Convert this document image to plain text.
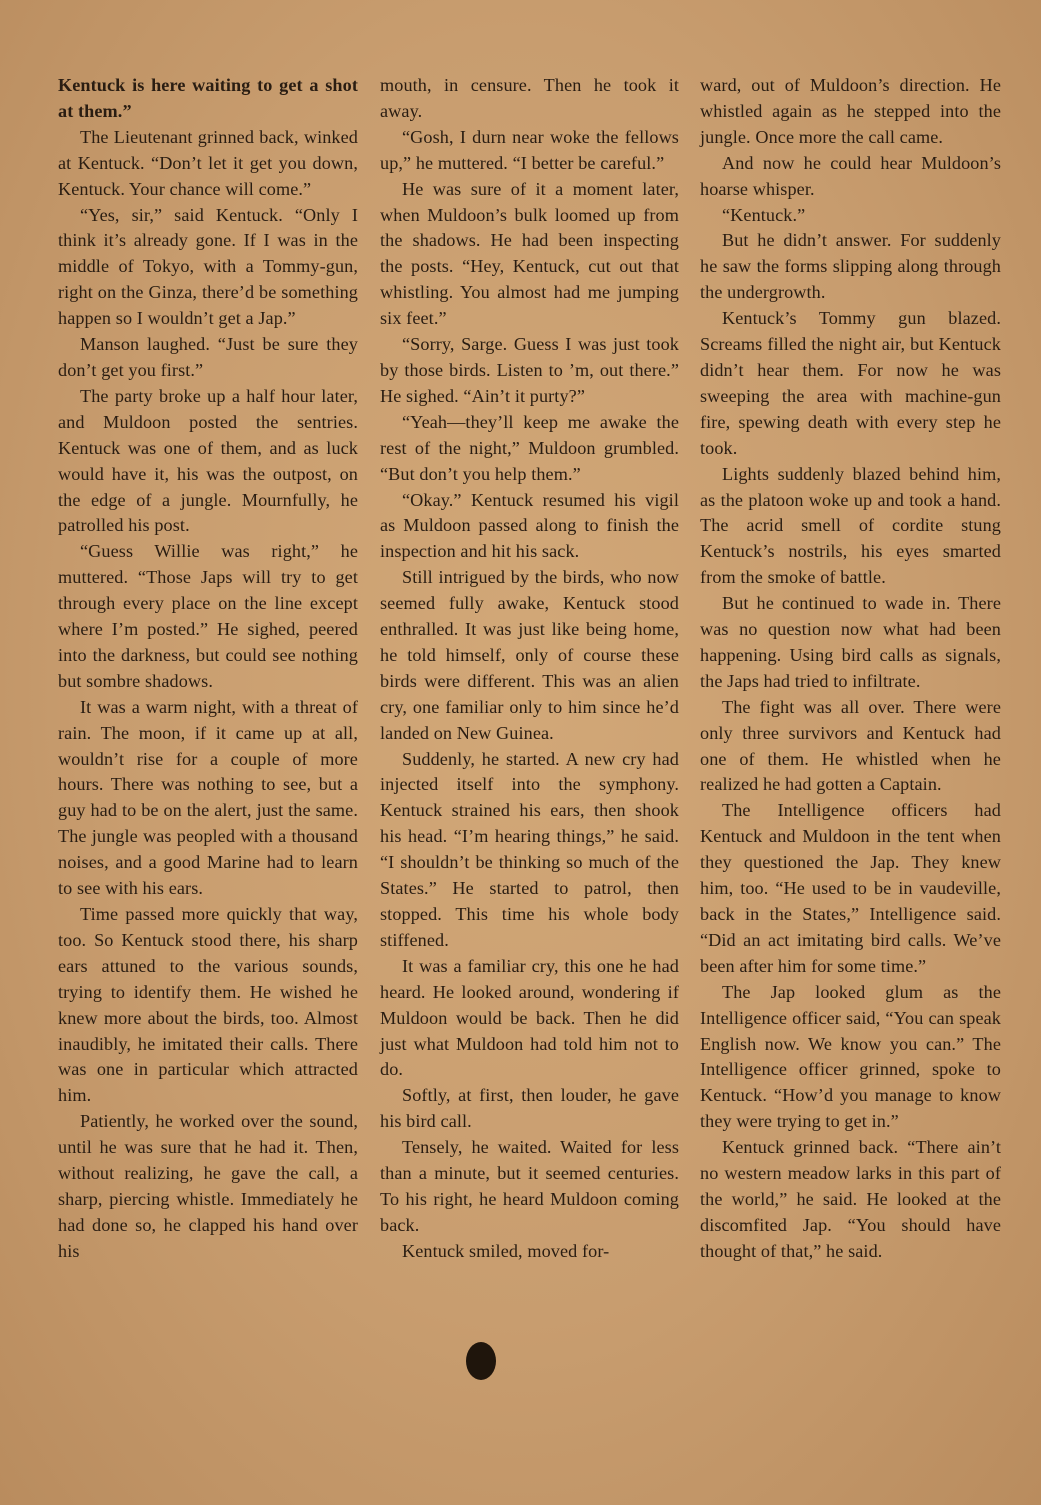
Kentuck is here waiting to get a shot at them.”

The Lieutenant grinned back, winked at Kentuck. “Don’t let it get you down, Kentuck. Your chance will come.”

“Yes, sir,” said Kentuck. “Only I think it’s already gone. If I was in the middle of Tokyo, with a Tommy-gun, right on the Ginza, there’d be something happen so I wouldn’t get a Jap.”

Manson laughed. “Just be sure they don’t get you first.”

The party broke up a half hour later, and Muldoon posted the sentries. Kentuck was one of them, and as luck would have it, his was the outpost, on the edge of a jungle. Mournfully, he patrolled his post.

“Guess Willie was right,” he muttered. “Those Japs will try to get through every place on the line except where I’m posted.” He sighed, peered into the darkness, but could see nothing but sombre shadows.

It was a warm night, with a threat of rain. The moon, if it came up at all, wouldn’t rise for a couple of more hours. There was nothing to see, but a guy had to be on the alert, just the same. The jungle was peopled with a thousand noises, and a good Marine had to learn to see with his ears.

Time passed more quickly that way, too. So Kentuck stood there, his sharp ears attuned to the various sounds, trying to identify them. He wished he knew more about the birds, too. Almost inaudibly, he imitated their calls. There was one in particular which attracted him.

Patiently, he worked over the sound, until he was sure that he had it. Then, without realizing, he gave the call, a sharp, piercing whistle. Immediately he had done so, he clapped his hand over his

mouth, in censure. Then he took it away.

“Gosh, I durn near woke the fellows up,” he muttered. “I better be careful.”

He was sure of it a moment later, when Muldoon’s bulk loomed up from the shadows. He had been inspecting the posts. “Hey, Kentuck, cut out that whistling. You almost had me jumping six feet.”

“Sorry, Sarge. Guess I was just took by those birds. Listen to ’m, out there.” He sighed. “Ain’t it purty?”

“Yeah—they’ll keep me awake the rest of the night,” Muldoon grumbled. “But don’t you help them.”

“Okay.” Kentuck resumed his vigil as Muldoon passed along to finish the inspection and hit his sack.

Still intrigued by the birds, who now seemed fully awake, Kentuck stood enthralled. It was just like being home, he told himself, only of course these birds were different. This was an alien cry, one familiar only to him since he’d landed on New Guinea.

Suddenly, he started. A new cry had injected itself into the symphony. Kentuck strained his ears, then shook his head. “I’m hearing things,” he said. “I shouldn’t be thinking so much of the States.” He started to patrol, then stopped. This time his whole body stiffened.

It was a familiar cry, this one he had heard. He looked around, wondering if Muldoon would be back. Then he did just what Muldoon had told him not to do.

Softly, at first, then louder, he gave his bird call.

Tensely, he waited. Waited for less than a minute, but it seemed centuries. To his right, he heard Muldoon coming back.

Kentuck smiled, moved for-

ward, out of Muldoon’s direction. He whistled again as he stepped into the jungle. Once more the call came.

And now he could hear Muldoon’s hoarse whisper.

“Kentuck.”

But he didn’t answer. For suddenly he saw the forms slipping along through the undergrowth.

Kentuck’s Tommy gun blazed. Screams filled the night air, but Kentuck didn’t hear them. For now he was sweeping the area with machine-gun fire, spewing death with every step he took.

Lights suddenly blazed behind him, as the platoon woke up and took a hand. The acrid smell of cordite stung Kentuck’s nostrils, his eyes smarted from the smoke of battle.

But he continued to wade in. There was no question now what had been happening. Using bird calls as signals, the Japs had tried to infiltrate.

The fight was all over. There were only three survivors and Kentuck had one of them. He whistled when he realized he had gotten a Captain.

The Intelligence officers had Kentuck and Muldoon in the tent when they questioned the Jap. They knew him, too. “He used to be in vaudeville, back in the States,” Intelligence said. “Did an act imitating bird calls. We’ve been after him for some time.”

The Jap looked glum as the Intelligence officer said, “You can speak English now. We know you can.” The Intelligence officer grinned, spoke to Kentuck. “How’d you manage to know they were trying to get in.”

Kentuck grinned back. “There ain’t no western meadow larks in this part of the world,” he said. He looked at the discomfited Jap. “You should have thought of that,” he said.
